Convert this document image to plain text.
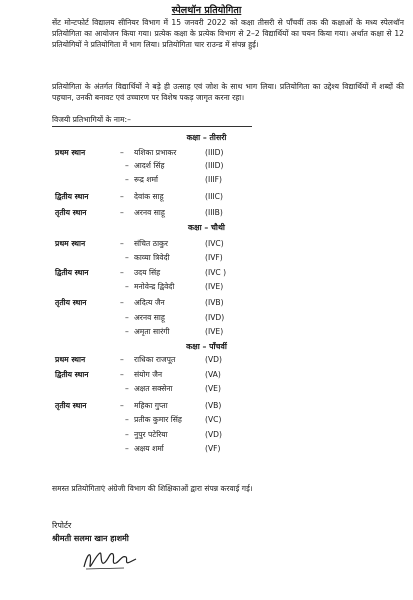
स्पेलथॉन प्रतियोगिता
सेंट मोन्टफोर्ट विद्यालय सीनियर विभाग में 15 जनवरी 2022 को कक्षा तीसरी से पाँचवीं तक की कक्षाओं के मध्य स्पेलथॉन प्रतियोगिता का आयोजन किया गया। प्रत्येक कक्षा के प्रत्येक विभाग से 2–2 विद्यार्थियों का चयन किया गया। अर्थात कक्षा से 12 प्रतियोगियों ने प्रतियोगिता में भाग लिया। प्रतियोगिता चार राउन्ड में संपन्न हुई।
प्रतियोगिता के अंतर्गत विद्यार्थियों ने बड़े ही उत्साह एवं जोश के साथ भाग लिया। प्रतियोगिता का उद्देश्य विद्यार्थियों में शब्दों की पहचान, उनकी बनावट एवं उच्चारण पर विशेष पकड़ जागृत करना रहा।
विजयी प्रतिभागियों के नाम:–
कक्षा – तीसरी
प्रथम स्थान	– यशिका प्रभाकर	(IIID)
– आदर्श सिंह	(IIID)
– रूद्र शर्मा	(IIIF)
द्वितीय स्थान	– देवांक साहू	(IIIC)
तृतीय स्थान	– अरनव साहू	(IIIB)
कक्षा – चौथी
प्रथम स्थान	– संचित ठाकुर	(IVC)
– काव्या त्रिवेदी	(IVF)
द्वितीय स्थान	– उदय सिंह	(IVC )
– मनोवेन्द्र द्विवेदी	(IVE)
तृतीय स्थान	– अदित्य जैन	(IVB)
– अरनव साहू	(IVD)
– अमृता सारंगी	(IVE)
कक्षा – पाँचवीं
प्रथम स्थान	– राधिका राजपूत	(VD)
द्वितीय स्थान	– संयोग जैन	(VA)
– अक्षत सक्सेना	(VE)
तृतीय स्थान	– महिका गुप्ता	(VB)
– प्रतीक कुमार सिंह	(VC)
– नुपुर पटेरिया	(VD)
– अक्षय शर्मा	(VF)
समस्त प्रतियोगिताएं अंग्रेजी विभाग की शिक्षिकाओं द्वारा संपन्न करवाई गई।
रिपोर्टर
श्रीमती सलमा खान हाशमी
